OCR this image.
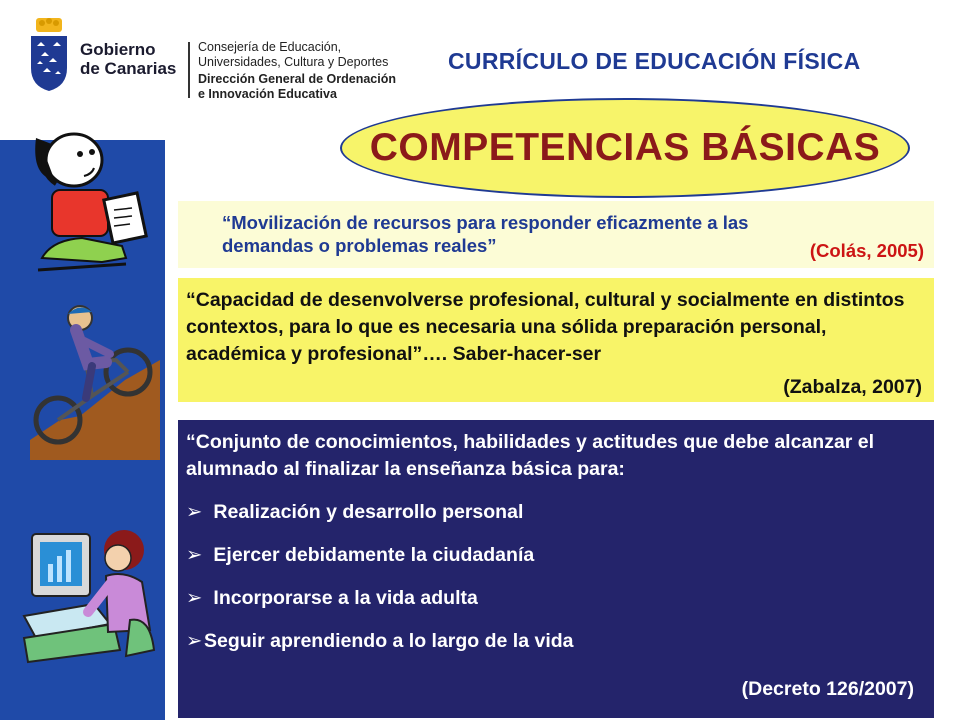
Gobierno
de Canarias
Consejería de Educación,
Universidades, Cultura y Deportes
Dirección General de Ordenación
e Innovación Educativa
CURRÍCULO DE EDUCACIÓN FÍSICA
COMPETENCIAS BÁSICAS
“Movilización de recursos para responder eficazmente a las demandas o problemas reales”	(Colás, 2005)
“Capacidad de desenvolverse profesional, cultural y socialmente en distintos contextos, para lo que es necesaria una sólida preparación personal, académica y profesional”…. Saber-hacer-ser
(Zabalza, 2007)
“Conjunto de conocimientos, habilidades y actitudes que debe alcanzar el alumnado al finalizar la enseñanza básica para:
➢ Realización y desarrollo personal
➢ Ejercer debidamente la ciudadanía
➢ Incorporarse a la vida adulta
➢Seguir aprendiendo a lo largo de la vida
(Decreto 126/2007)
